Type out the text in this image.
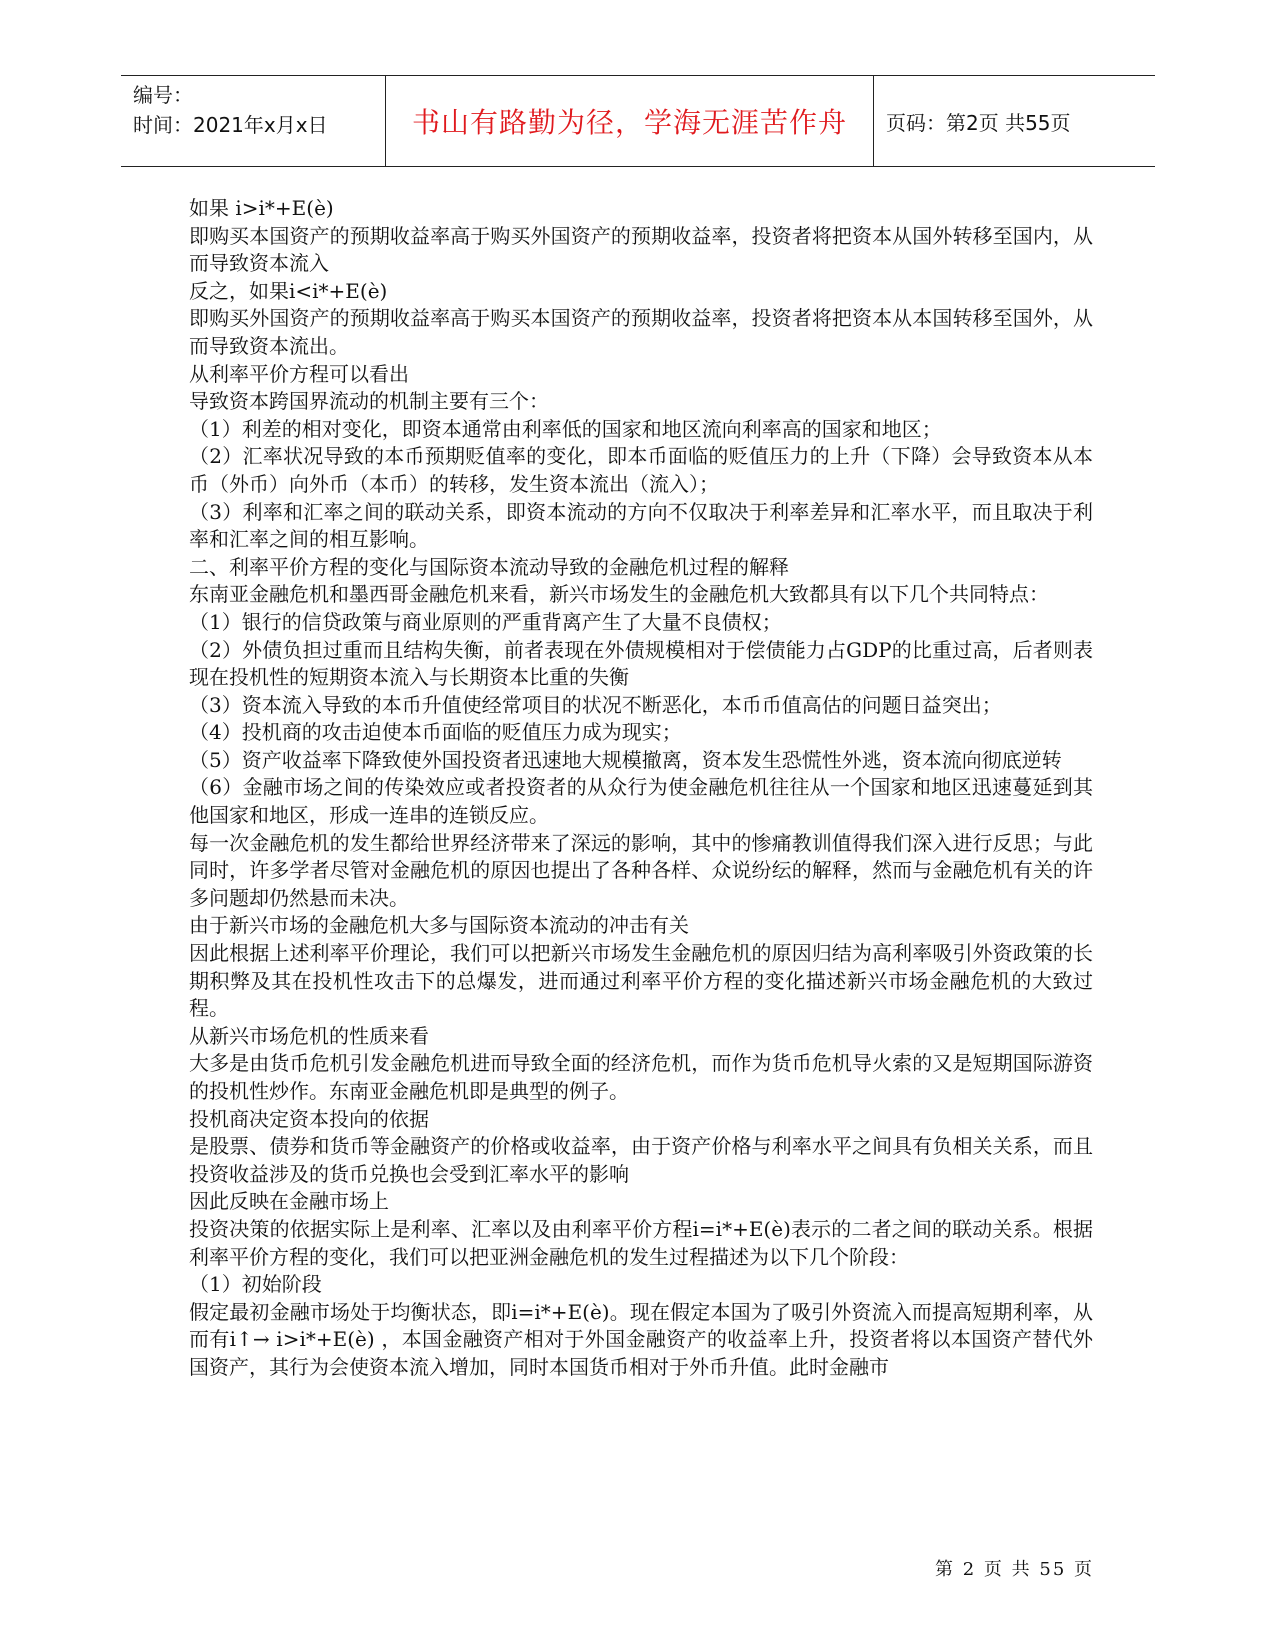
编号：
时间：2021年x月x日	书山有路勤为径，学海无涯苦作舟 页码：第2页 共55页

如果 i>i*+E(è)

即购买本国资产的预期收益率高于购买外国资产的预期收益率，投资者将把资本从国外转移至国内，从而导致资本流入

反之，如果i<i*+E(è)

即购买外国资产的预期收益率高于购买本国资产的预期收益率，投资者将把资本从本国转移至国外，从而导致资本流出。

从利率平价方程可以看出

导致资本跨国界流动的机制主要有三个：

（1）利差的相对变化，即资本通常由利率低的国家和地区流向利率高的国家和地区；

（2）汇率状况导致的本币预期贬值率的变化，即本币面临的贬值压力的上升（下降）会导致资本从本币（外币）向外币（本币）的转移，发生资本流出（流入）；

（3）利率和汇率之间的联动关系，即资本流动的方向不仅取决于利率差异和汇率水平，而且取决于利率和汇率之间的相互影响。

二、利率平价方程的变化与国际资本流动导致的金融危机过程的解释

东南亚金融危机和墨西哥金融危机来看，新兴市场发生的金融危机大致都具有以下几个共同特点：

（1）银行的信贷政策与商业原则的严重背离产生了大量不良债权；

（2）外债负担过重而且结构失衡，前者表现在外债规模相对于偿债能力占GDP的比重过高，后者则表现在投机性的短期资本流入与长期资本比重的失衡

（3）资本流入导致的本币升值使经常项目的状况不断恶化，本币币值高估的问题日益突出；

（4）投机商的攻击迫使本币面临的贬值压力成为现实；

（5）资产收益率下降致使外国投资者迅速地大规模撤离，资本发生恐慌性外逃，资本流向彻底逆转

（6）金融市场之间的传染效应或者投资者的从众行为使金融危机往往从一个国家和地区迅速蔓延到其他国家和地区，形成一连串的连锁反应。

每一次金融危机的发生都给世界经济带来了深远的影响，其中的惨痛教训值得我们深入进行反思；与此同时，许多学者尽管对金融危机的原因也提出了各种各样、众说纷纭的解释，然而与金融危机有关的许多问题却仍然悬而未决。

由于新兴市场的金融危机大多与国际资本流动的冲击有关

因此根据上述利率平价理论，我们可以把新兴市场发生金融危机的原因归结为高利率吸引外资政策的长期积弊及其在投机性攻击下的总爆发，进而通过利率平价方程的变化描述新兴市场金融危机的大致过程。

从新兴市场危机的性质来看

大多是由货币危机引发金融危机进而导致全面的经济危机，而作为货币危机导火索的又是短期国际游资的投机性炒作。东南亚金融危机即是典型的例子。

投机商决定资本投向的依据

是股票、债券和货币等金融资产的价格或收益率，由于资产价格与利率水平之间具有负相关关系，而且投资收益涉及的货币兑换也会受到汇率水平的影响

因此反映在金融市场上

投资决策的依据实际上是利率、汇率以及由利率平价方程i=i*+E(è)表示的二者之间的联动关系。根据利率平价方程的变化，我们可以把亚洲金融危机的发生过程描述为以下几个阶段：

（1）初始阶段

假定最初金融市场处于均衡状态，即i=i*+E(è)。现在假定本国为了吸引外资流入而提高短期利率，从而有i↑→ i>i*+E(è) ，本国金融资产相对于外国金融资产的收益率上升，投资者将以本国资产替代外国资产，其行为会使资本流入增加，同时本国货币相对于外币升值。此时金融市

第 2 页 共 55 页
